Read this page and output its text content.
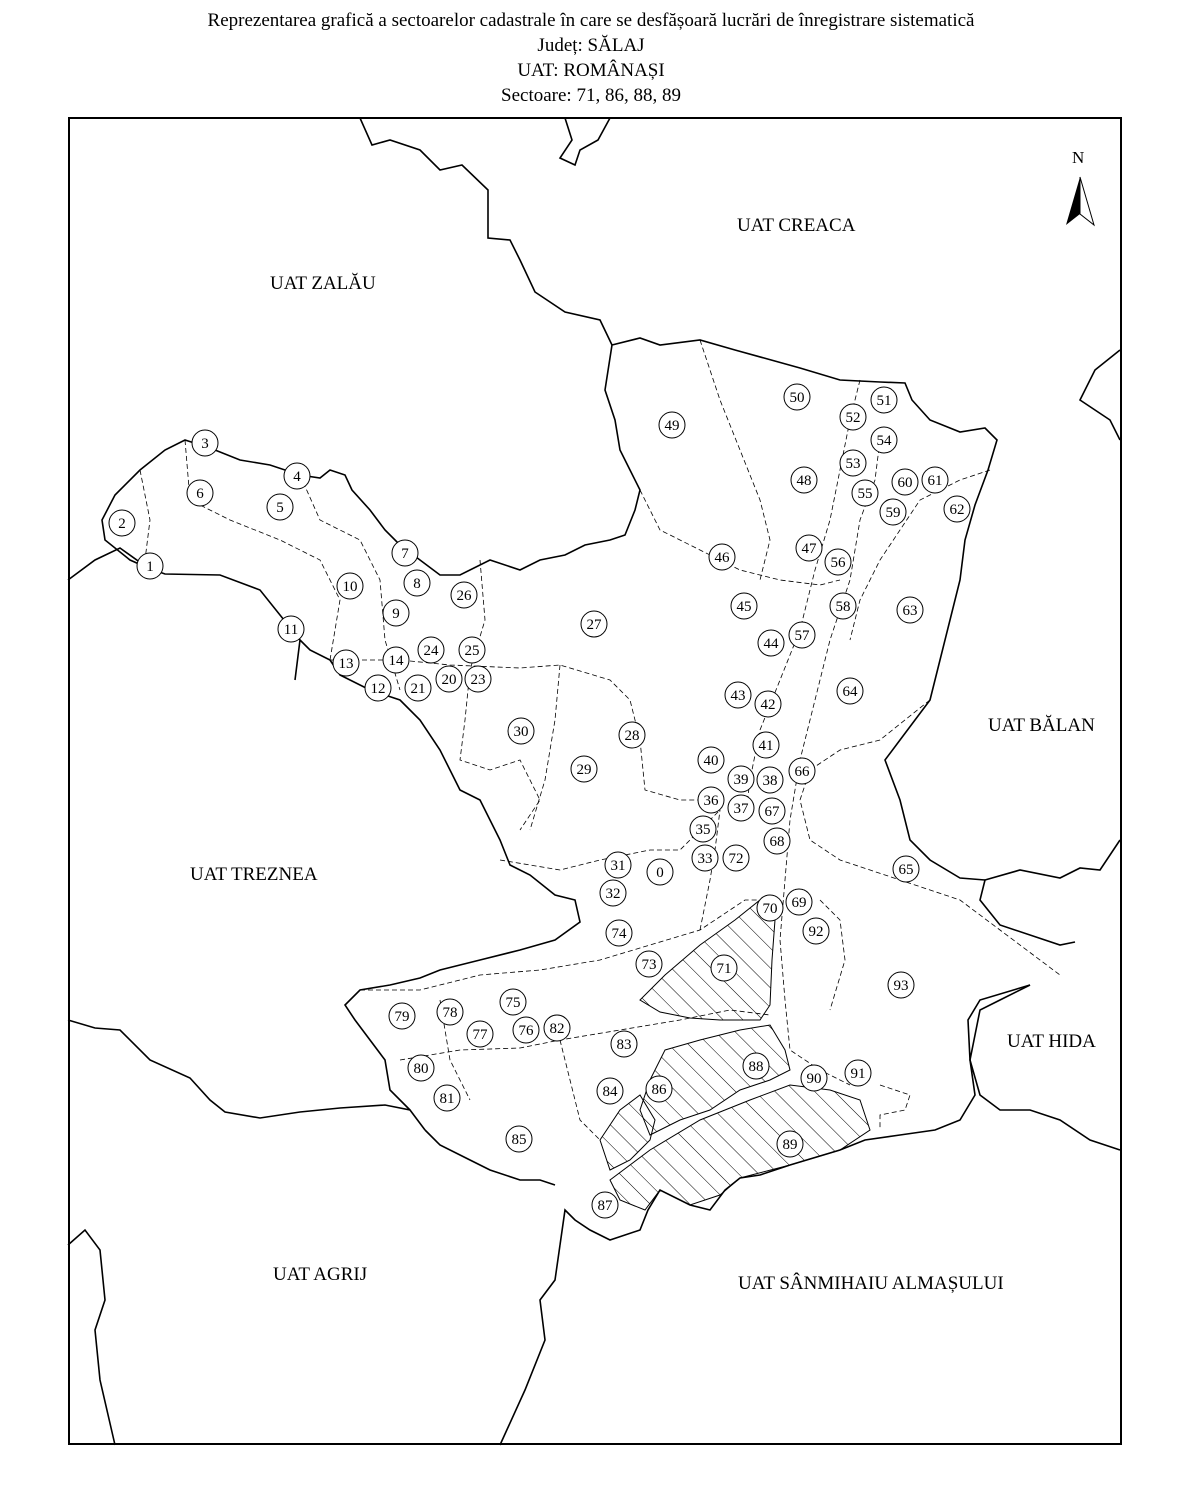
Reprezentarea grafică a sectoarelor cadastrale în care se desfășoară lucrări de înregistrare sistematică
Județ: SĂLAJ
UAT: ROMÂNAȘI
Sectoare: 71, 86, 88, 89
0
1
2
3
4
5
6
7
8
9
10
11
12
13 14
20
21
23
24 25
26
27
28
29
30
31
32
33
35
36 37
38
39
40
41
42
43
44
45
46
47
48
49
50	51
52
53
54
55
56
57
58
59
60 61
62
63
64
65
66
67
68
69
70
71
72
73
74
75
76
77
78
79
80
81
82
83
84
85
86
87
88
89
90 91
92
93
N
UAT ZALĂU
UAT CREACA
UAT BĂLAN
UAT TREZNEA
UAT HIDA
UAT AGRIJ	UAT SÂNMIHAIU ALMAȘULUI
